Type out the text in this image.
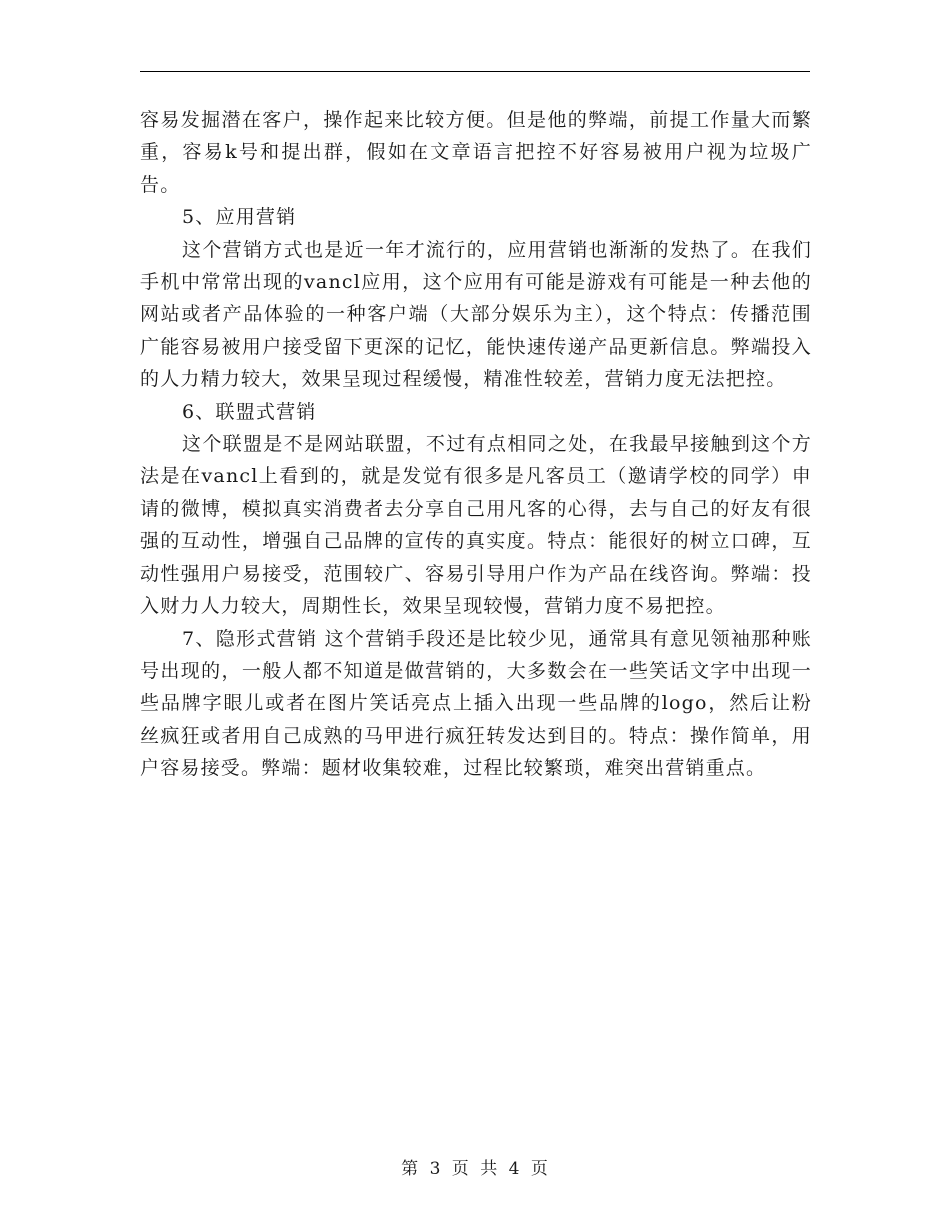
容易发掘潜在客户，操作起来比较方便。但是他的弊端，前提工作量大而繁重，容易k号和提出群，假如在文章语言把控不好容易被用户视为垃圾广告。

5、应用营销

这个营销方式也是近一年才流行的，应用营销也渐渐的发热了。在我们手机中常常出现的vancl应用，这个应用有可能是游戏有可能是一种去他的网站或者产品体验的一种客户端（大部分娱乐为主），这个特点：传播范围广能容易被用户接受留下更深的记忆，能快速传递产品更新信息。弊端投入的人力精力较大，效果呈现过程缓慢，精准性较差，营销力度无法把控。

6、联盟式营销

这个联盟是不是网站联盟，不过有点相同之处，在我最早接触到这个方法是在vancl上看到的，就是发觉有很多是凡客员工（邀请学校的同学）申请的微博，模拟真实消费者去分享自己用凡客的心得，去与自己的好友有很强的互动性，增强自己品牌的宣传的真实度。特点：能很好的树立口碑，互动性强用户易接受，范围较广、容易引导用户作为产品在线咨询。弊端：投入财力人力较大，周期性长，效果呈现较慢，营销力度不易把控。

7、隐形式营销 这个营销手段还是比较少见，通常具有意见领袖那种账号出现的，一般人都不知道是做营销的，大多数会在一些笑话文字中出现一些品牌字眼儿或者在图片笑话亮点上插入出现一些品牌的logo，然后让粉丝疯狂或者用自己成熟的马甲进行疯狂转发达到目的。特点：操作简单，用户容易接受。弊端：题材收集较难，过程比较繁琐，难突出营销重点。

第 3 页 共 4 页
